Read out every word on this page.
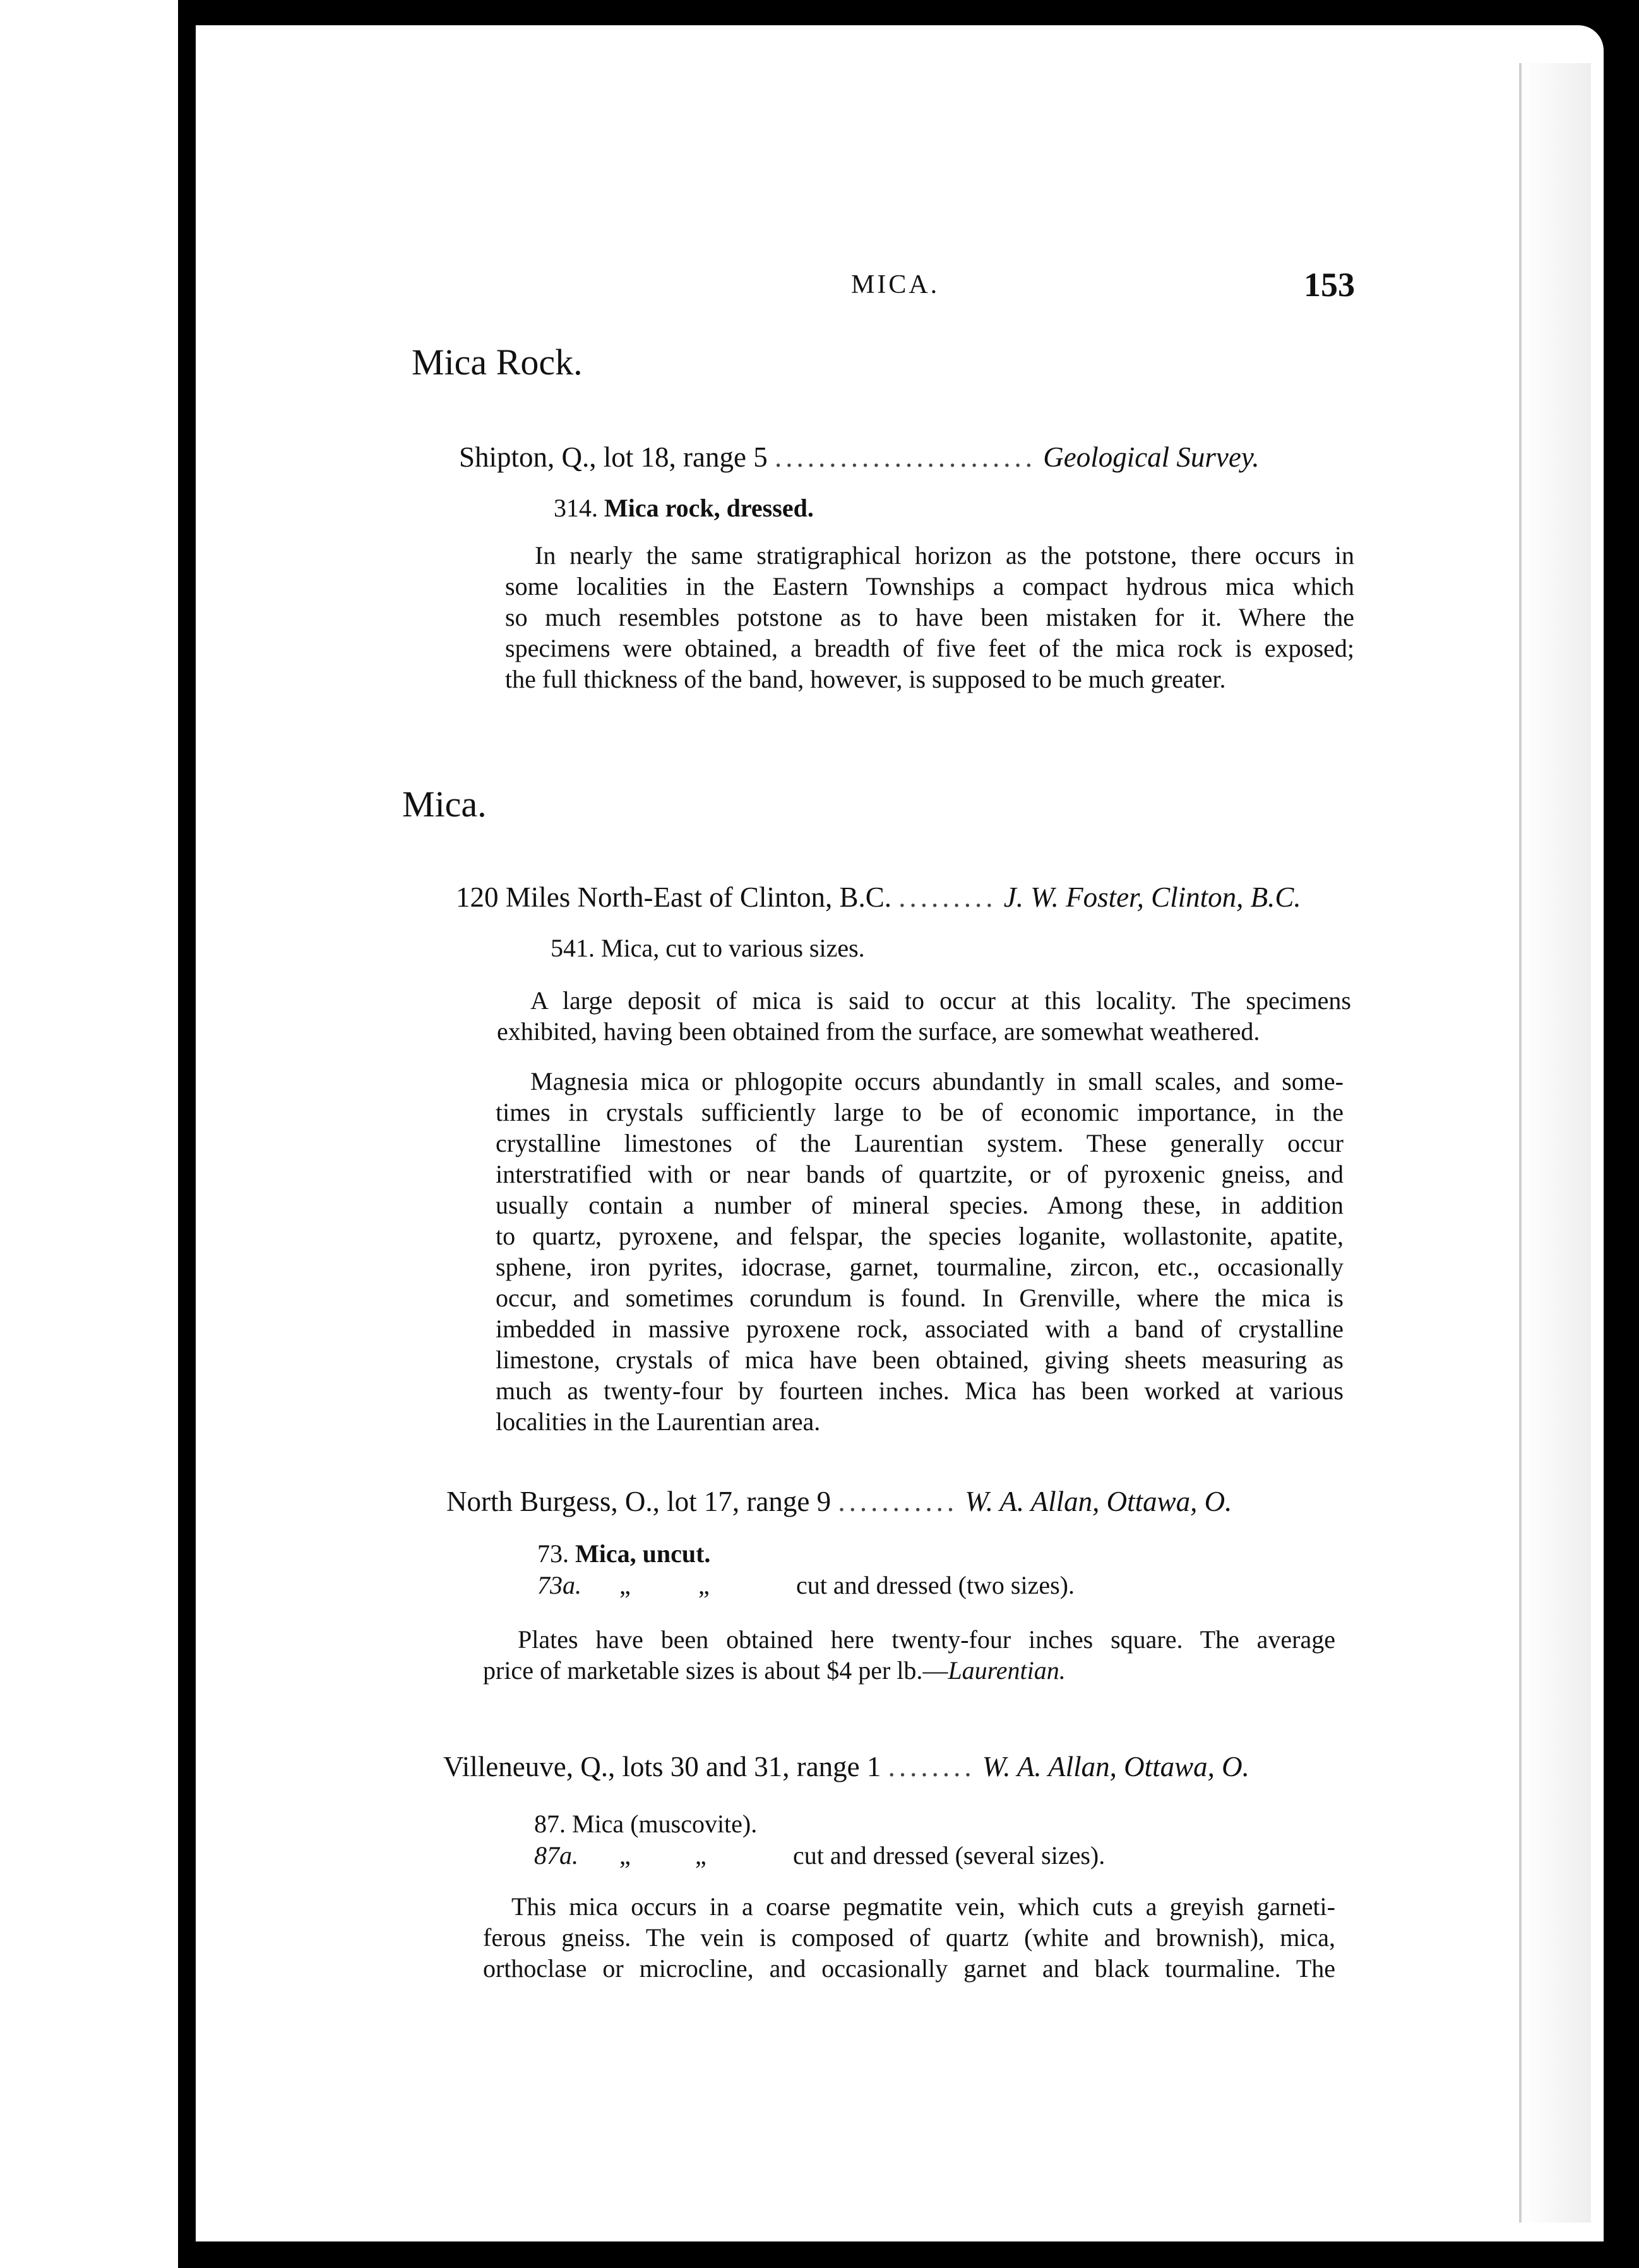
MICA.	153
Mica Rock.
Shipton, Q., lot 18, range 5 ........................ Geological Survey.
314. Mica rock, dressed.
In nearly the same stratigraphical horizon as the potstone, there occurs in
some localities in the Eastern Townships a compact hydrous mica which
so much resembles potstone as to have been mistaken for it. Where the
specimens were obtained, a breadth of five feet of the mica rock is exposed;
the full thickness of the band, however, is supposed to be much greater.
Mica.
120 Miles North-East of Clinton, B.C. ......... J. W. Foster, Clinton, B.C.
541. Mica, cut to various sizes.
A large deposit of mica is said to occur at this locality. The specimens
exhibited, having been obtained from the surface, are somewhat weathered.
Magnesia mica or phlogopite occurs abundantly in small scales, and some-
times in crystals sufficiently large to be of economic importance, in the
crystalline limestones of the Laurentian system. These generally occur
interstratified with or near bands of quartzite, or of pyroxenic gneiss, and
usually contain a number of mineral species. Among these, in addition
to quartz, pyroxene, and felspar, the species loganite, wollastonite, apatite,
sphene, iron pyrites, idocrase, garnet, tourmaline, zircon, etc., occasionally
occur, and sometimes corundum is found. In Grenville, where the mica is
imbedded in massive pyroxene rock, associated with a band of crystalline
limestone, crystals of mica have been obtained, giving sheets measuring as
much as twenty-four by fourteen inches. Mica has been worked at various
localities in the Laurentian area.
North Burgess, O., lot 17, range 9 ........... W. A. Allan, Ottawa, O.
73. Mica, uncut.
73a. „	„	cut and dressed (two sizes).
Plates have been obtained here twenty-four inches square. The average
price of marketable sizes is about $4 per lb.—Laurentian.
Villeneuve, Q., lots 30 and 31, range 1 ........ W. A. Allan, Ottawa, O.
87. Mica (muscovite).
87a. „	„	cut and dressed (several sizes).
This mica occurs in a coarse pegmatite vein, which cuts a greyish garneti-
ferous gneiss. The vein is composed of quartz (white and brownish), mica,
orthoclase or microcline, and occasionally garnet and black tourmaline. The
